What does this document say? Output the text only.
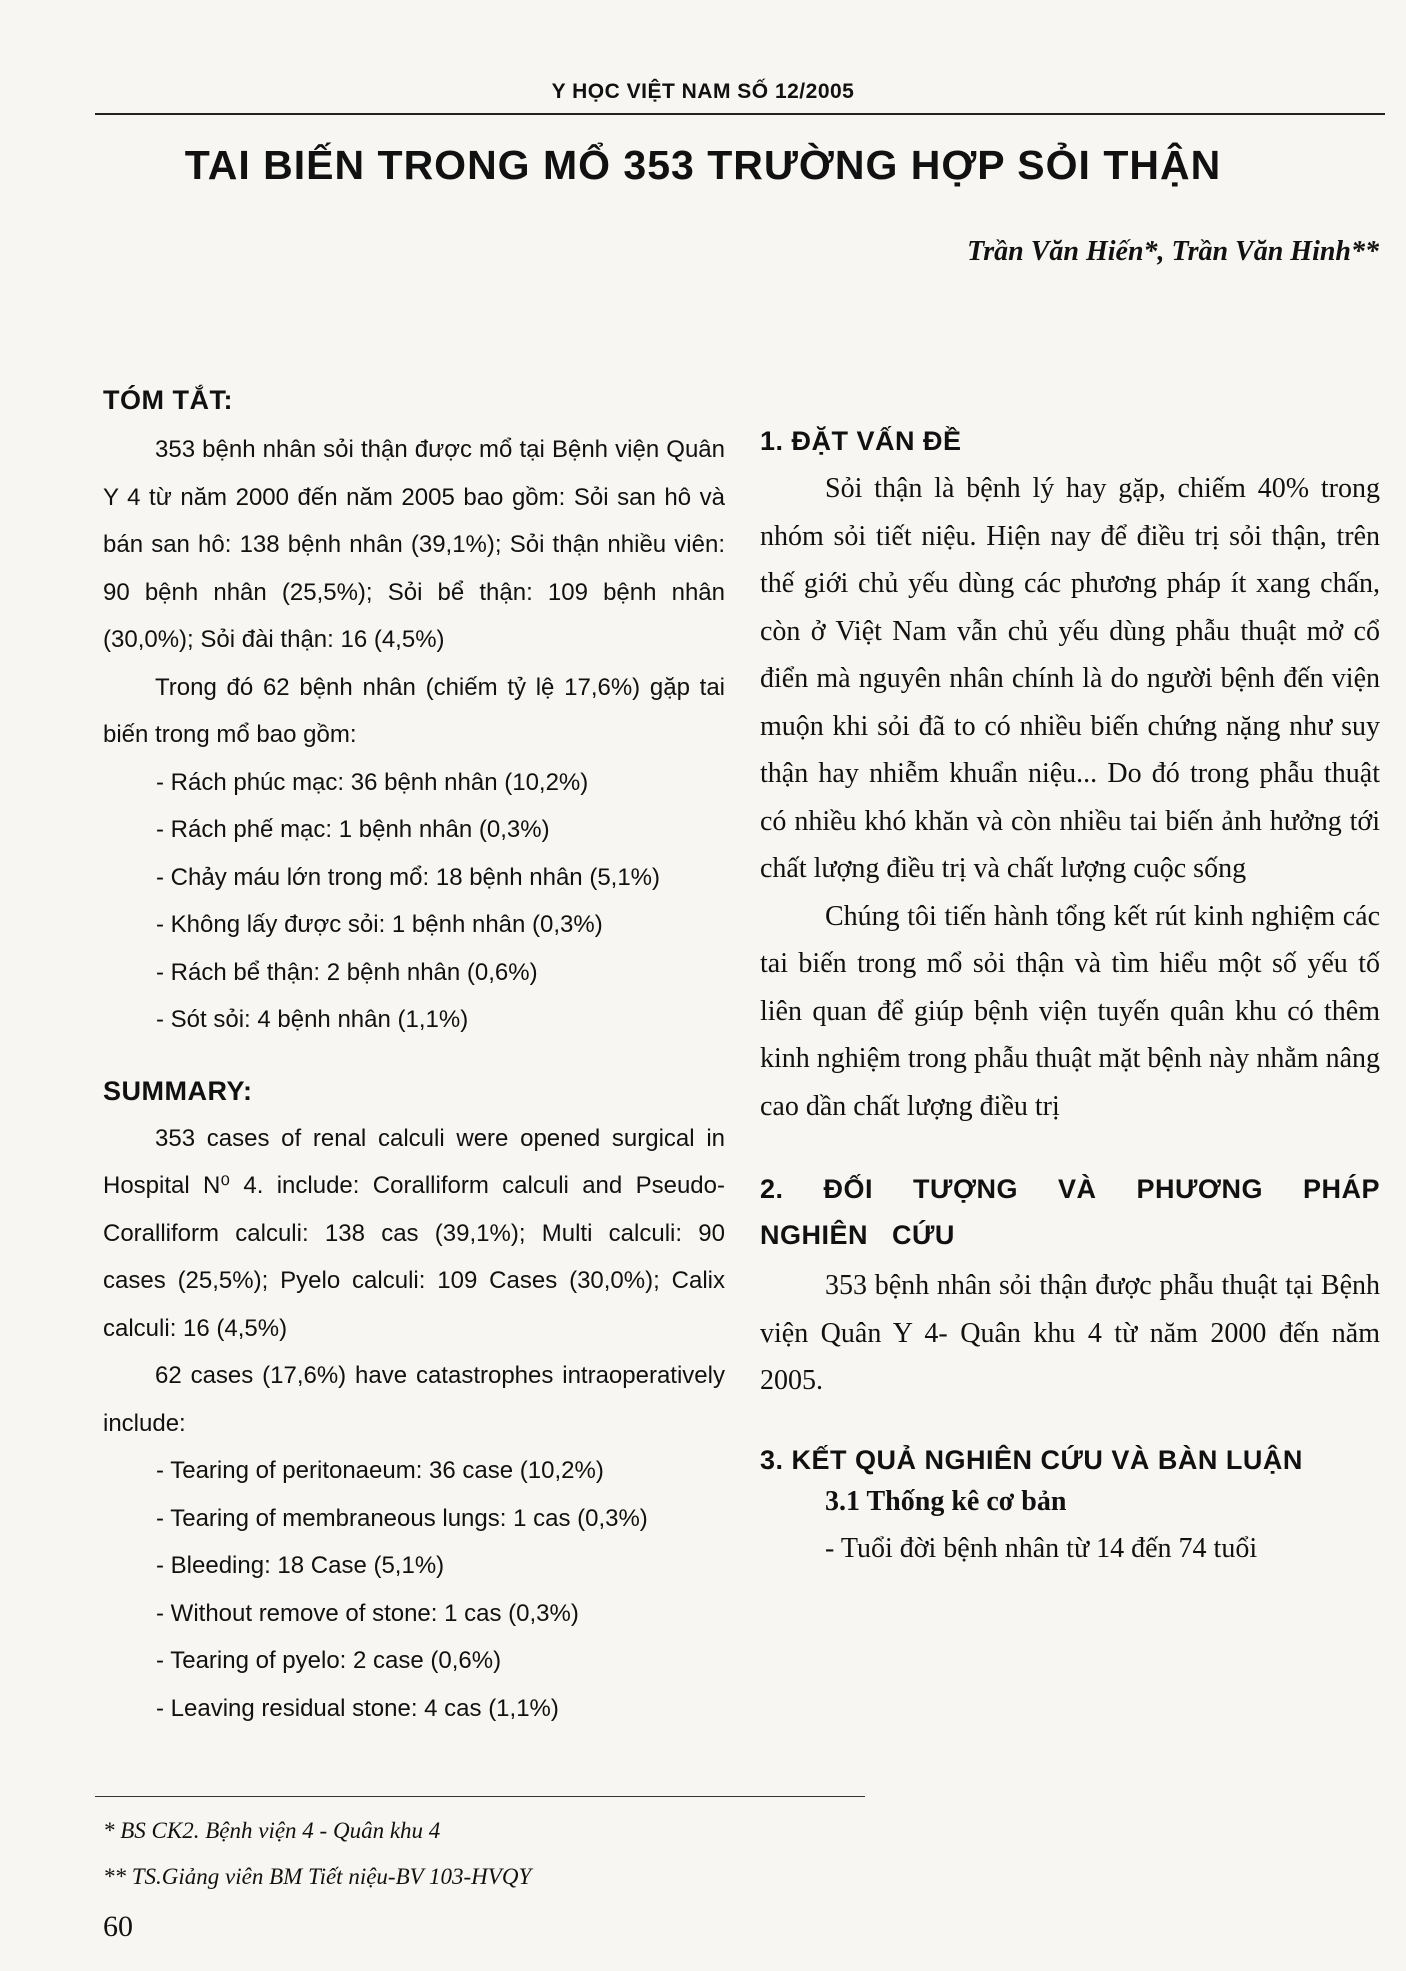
Y HỌC VIỆT NAM SỐ 12/2005
TAI BIẾN TRONG MỔ 353 TRƯỜNG HỢP SỎI THẬN
Trần Văn Hiến*, Trần Văn Hinh**
TÓM TẮT:

353 bệnh nhân sỏi thận được mổ tại Bệnh viện Quân Y 4 từ năm 2000 đến năm 2005 bao gồm: Sỏi san hô và bán san hô: 138 bệnh nhân (39,1%); Sỏi thận nhiều viên: 90 bệnh nhân (25,5%); Sỏi bể thận: 109 bệnh nhân (30,0%); Sỏi đài thận: 16 (4,5%)

Trong đó 62 bệnh nhân (chiếm tỷ lệ 17,6%) gặp tai biến trong mổ bao gồm:

- Rách phúc mạc: 36 bệnh nhân (10,2%)
- Rách phế mạc: 1 bệnh nhân (0,3%)
- Chảy máu lớn trong mổ: 18 bệnh nhân (5,1%)
- Không lấy được sỏi: 1 bệnh nhân (0,3%)
- Rách bể thận: 2 bệnh nhân (0,6%)
- Sót sỏi: 4 bệnh nhân (1,1%)
SUMMARY:

353 cases of renal calculi were opened surgical in Hospital N⁰ 4. include: Coralliform calculi and Pseudo-Coralliform calculi: 138 cas (39,1%); Multi calculi: 90 cases (25,5%); Pyelo calculi: 109 Cases (30,0%); Calix calculi: 16 (4,5%)

62 cases (17,6%) have catastrophes intraoperatively include:

- Tearing of peritonaeum: 36 case (10,2%)
- Tearing of membraneous lungs: 1 cas (0,3%)
- Bleeding: 18 Case (5,1%)
- Without remove of stone: 1 cas (0,3%)
- Tearing of pyelo: 2 case (0,6%)
- Leaving residual stone: 4 cas (1,1%)
1. ĐẶT VẤN ĐỀ

Sỏi thận là bệnh lý hay gặp, chiếm 40% trong nhóm sỏi tiết niệu. Hiện nay để điều trị sỏi thận, trên thế giới chủ yếu dùng các phương pháp ít xang chấn, còn ở Việt Nam vẫn chủ yếu dùng phẫu thuật mở cổ điển mà nguyên nhân chính là do người bệnh đến viện muộn khi sỏi đã to có nhiều biến chứng nặng như suy thận hay nhiễm khuẩn niệu... Do đó trong phẫu thuật có nhiều khó khăn và còn nhiều tai biến ảnh hưởng tới chất lượng điều trị và chất lượng cuộc sống

Chúng tôi tiến hành tổng kết rút kinh nghiệm các tai biến trong mổ sỏi thận và tìm hiểu một số yếu tố liên quan để giúp bệnh viện tuyến quân khu có thêm kinh nghiệm trong phẫu thuật mặt bệnh này nhằm nâng cao dần chất lượng điều trị

2. ĐỐI TƯỢNG VÀ PHƯƠNG PHÁP NGHIÊN CỨU

353 bệnh nhân sỏi thận được phẫu thuật tại Bệnh viện Quân Y 4- Quân khu 4 từ năm 2000 đến năm 2005.

3. KẾT QUẢ NGHIÊN CỨU VÀ BÀN LUẬN
3.1 Thống kê cơ bản
- Tuổi đời bệnh nhân từ 14 đến 74 tuổi

* BS CK2. Bệnh viện 4 - Quân khu 4

** TS.Giảng viên BM Tiết niệu-BV 103-HVQY

60
